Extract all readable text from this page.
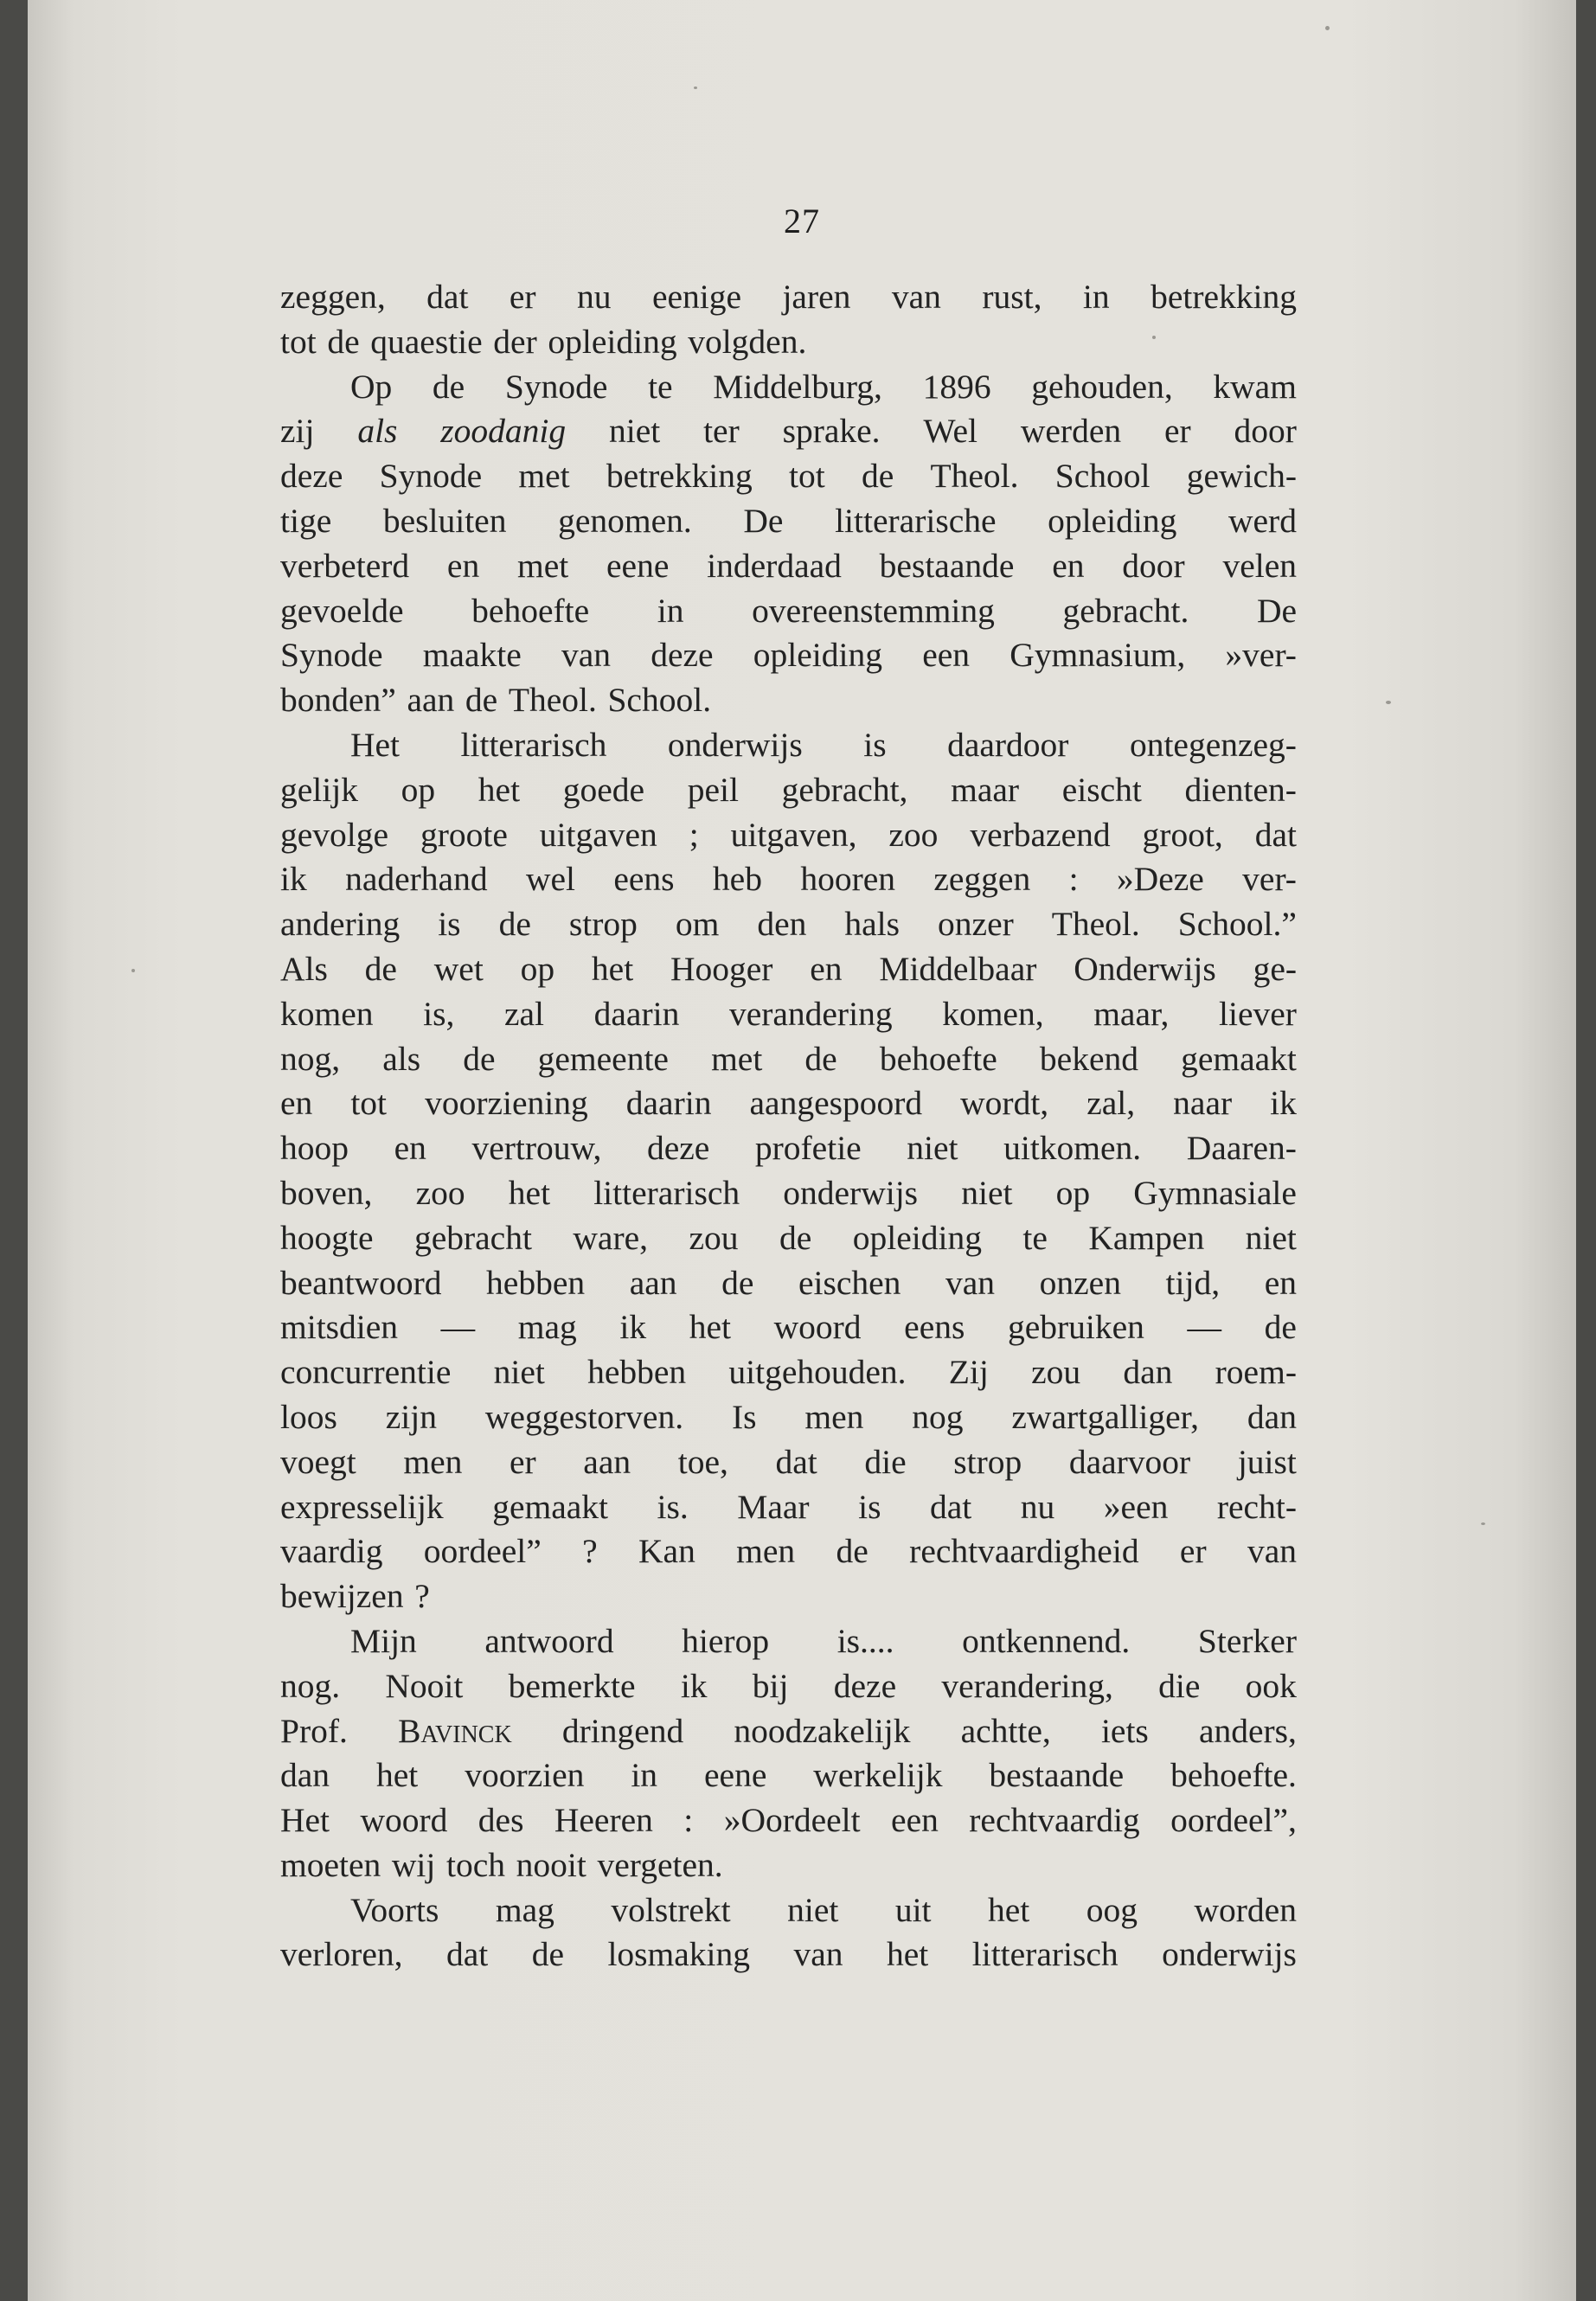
27
zeggen, dat er nu eenige jaren van rust, in betrekking
tot de quaestie der opleiding volgden.
Op de Synode te Middelburg, 1896 gehouden, kwam
zij als zoodanig niet ter sprake. Wel werden er door
deze Synode met betrekking tot de Theol. School gewich-
tige besluiten genomen. De litterarische opleiding werd
verbeterd en met eene inderdaad bestaande en door velen
gevoelde behoefte in overeenstemming gebracht. De
Synode maakte van deze opleiding een Gymnasium, »ver-
bonden” aan de Theol. School.
Het litterarisch onderwijs is daardoor ontegenzeg-
gelijk op het goede peil gebracht, maar eischt dienten-
gevolge groote uitgaven ; uitgaven, zoo verbazend groot, dat
ik naderhand wel eens heb hooren zeggen : »Deze ver-
andering is de strop om den hals onzer Theol. School.”
Als de wet op het Hooger en Middelbaar Onderwijs ge-
komen is, zal daarin verandering komen, maar, liever
nog, als de gemeente met de behoefte bekend gemaakt
en tot voorziening daarin aangespoord wordt, zal, naar ik
hoop en vertrouw, deze profetie niet uitkomen. Daaren-
boven, zoo het litterarisch onderwijs niet op Gymnasiale
hoogte gebracht ware, zou de opleiding te Kampen niet
beantwoord hebben aan de eischen van onzen tijd, en
mitsdien — mag ik het woord eens gebruiken — de
concurrentie niet hebben uitgehouden. Zij zou dan roem-
loos zijn weggestorven. Is men nog zwartgalliger, dan
voegt men er aan toe, dat die strop daarvoor juist
expresselijk gemaakt is. Maar is dat nu »een recht-
vaardig oordeel” ? Kan men de rechtvaardigheid er van
bewijzen ?
Mijn antwoord hierop is.... ontkennend. Sterker
nog. Nooit bemerkte ik bij deze verandering, die ook
Prof. Bavinck dringend noodzakelijk achtte, iets anders,
dan het voorzien in eene werkelijk bestaande behoefte.
Het woord des Heeren : »Oordeelt een rechtvaardig oordeel”,
moeten wij toch nooit vergeten.
Voorts mag volstrekt niet uit het oog worden
verloren, dat de losmaking van het litterarisch onderwijs
